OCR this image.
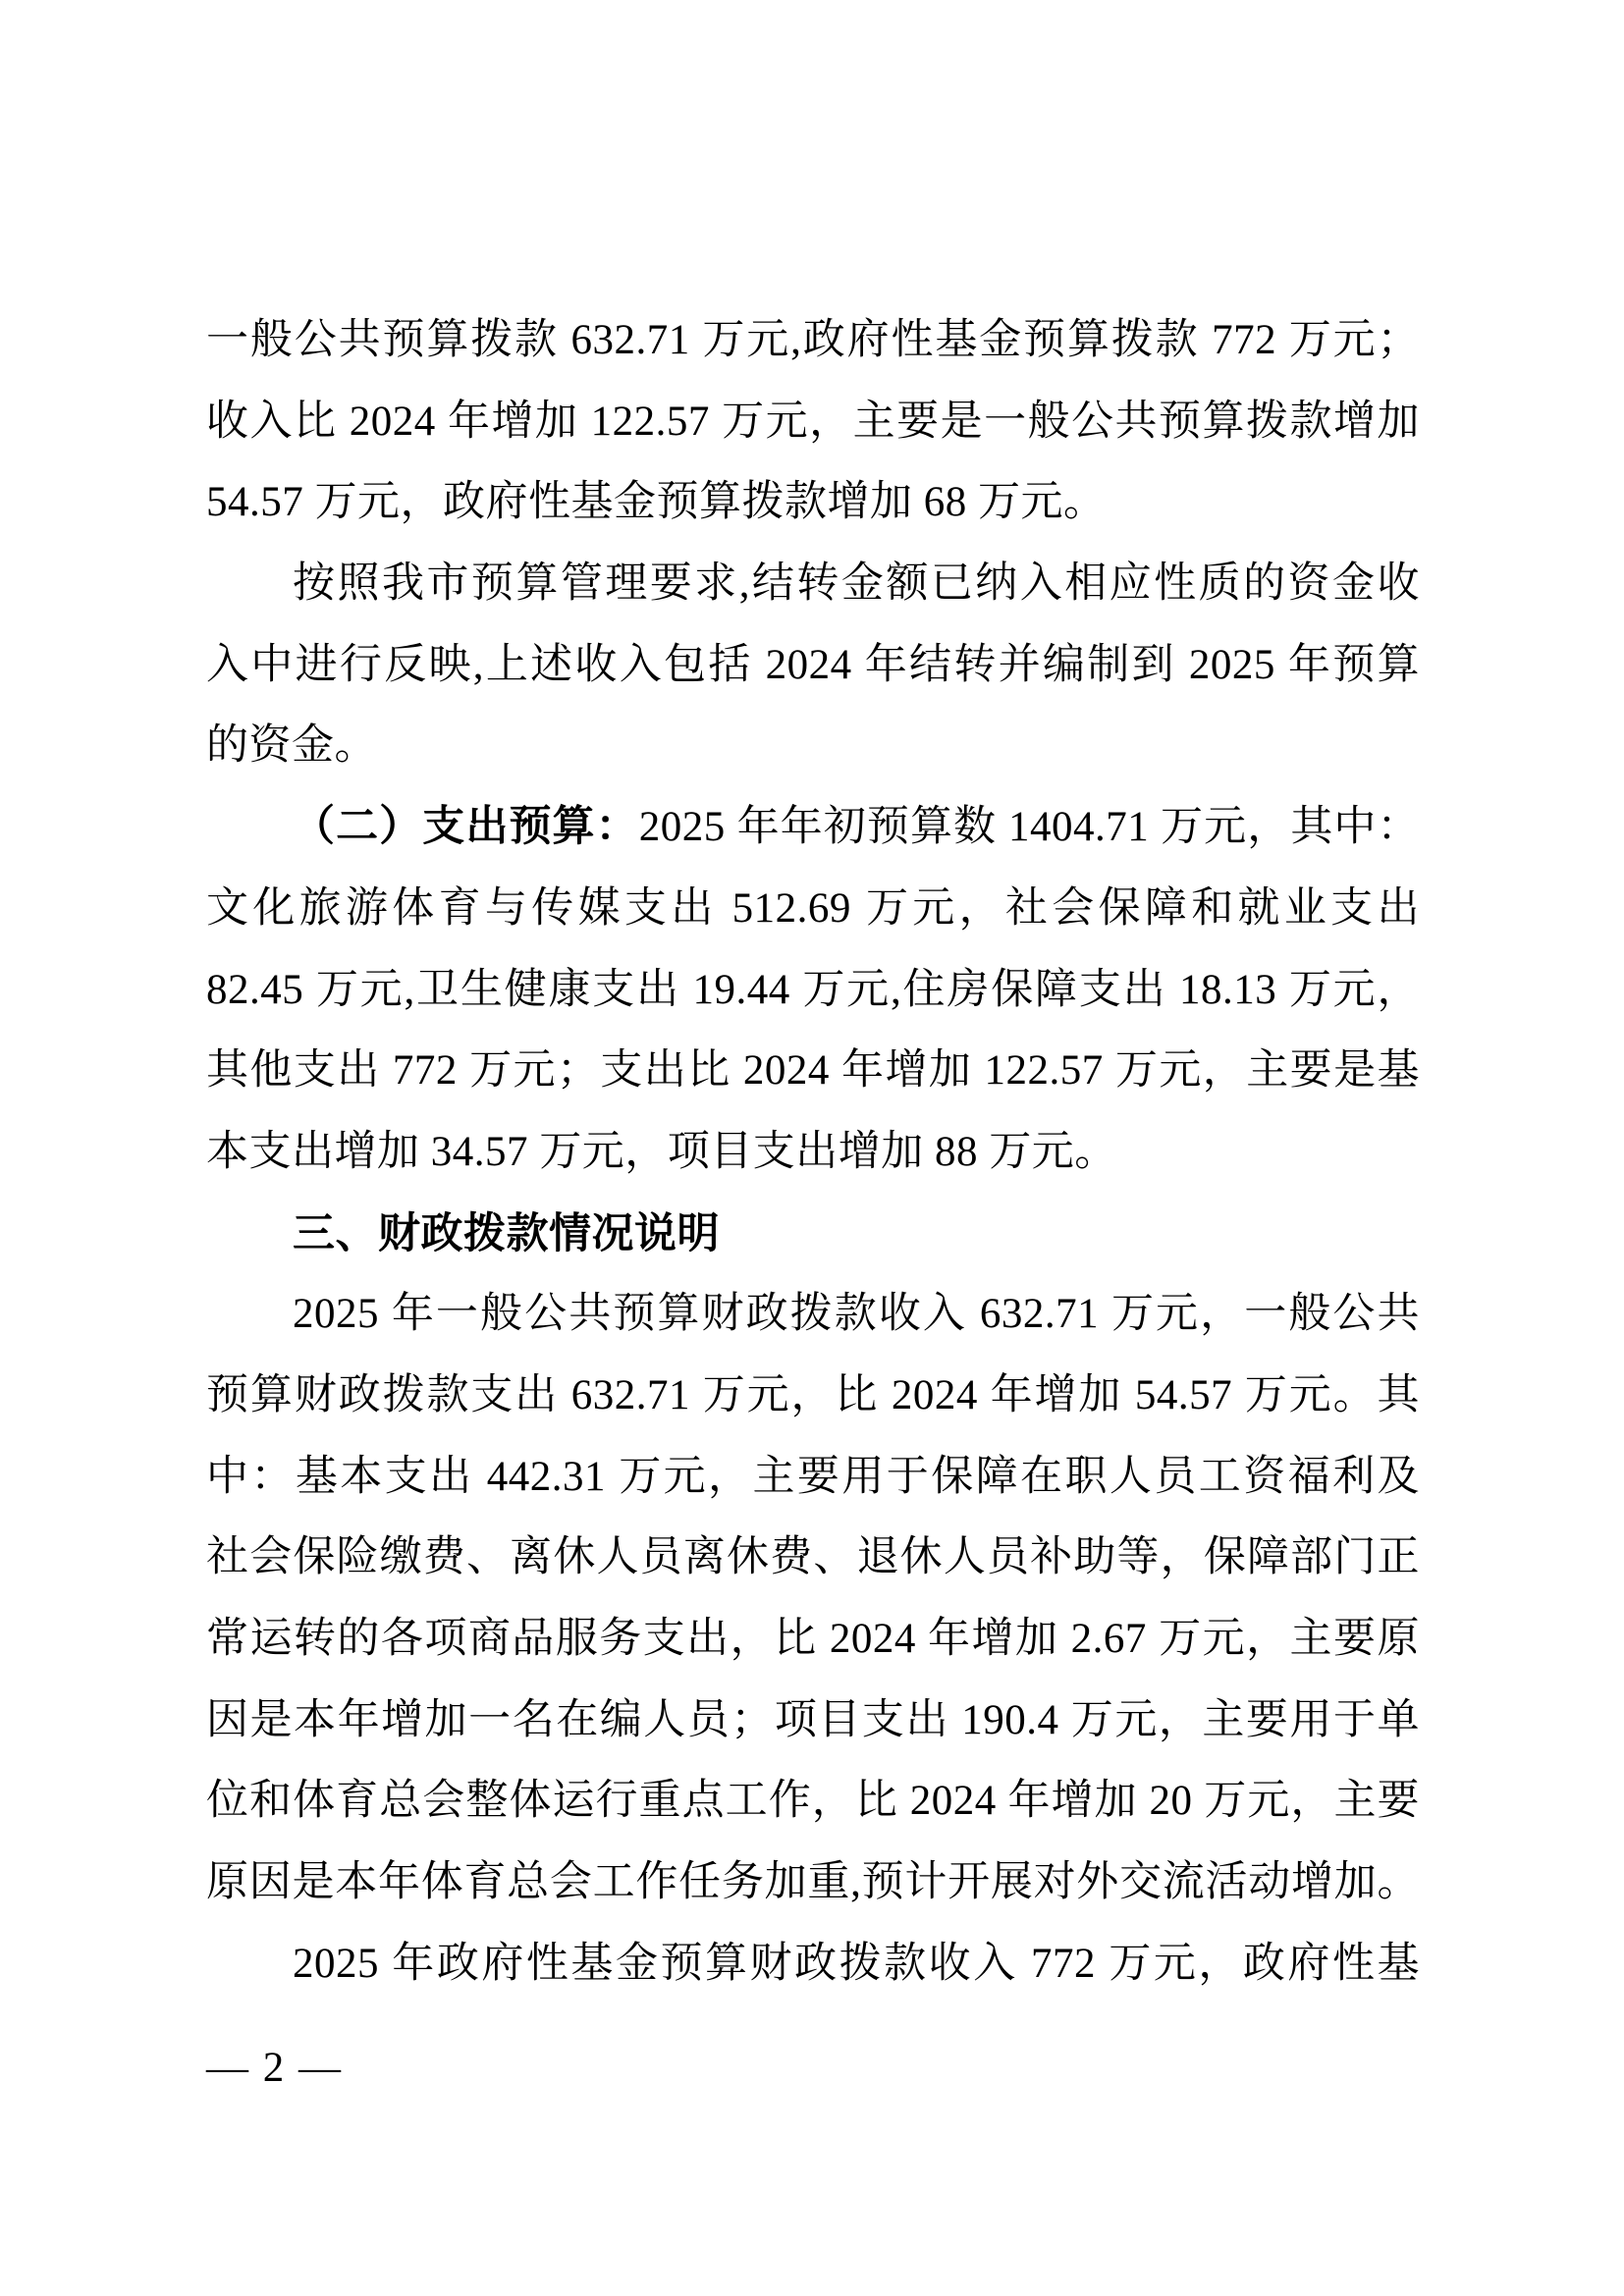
一般公共预算拨款 632.71 万元,政府性基金预算拨款 772 万元；
收入比 2024 年增加 122.57 万元，主要是一般公共预算拨款增加
54.57 万元，政府性基金预算拨款增加 68 万元。
按照我市预算管理要求,结转金额已纳入相应性质的资金收
入中进行反映,上述收入包括 2024 年结转并编制到 2025 年预算
的资金。
（二）支出预算：2025 年年初预算数 1404.71 万元，其中：
文化旅游体育与传媒支出 512.69 万元，社会保障和就业支出
82.45 万元,卫生健康支出 19.44 万元,住房保障支出 18.13 万元，
其他支出 772 万元；支出比 2024 年增加 122.57 万元，主要是基
本支出增加 34.57 万元，项目支出增加 88 万元。
三、财政拨款情况说明
2025 年一般公共预算财政拨款收入 632.71 万元，一般公共
预算财政拨款支出 632.71 万元，比 2024 年增加 54.57 万元。其
中：基本支出 442.31 万元，主要用于保障在职人员工资福利及
社会保险缴费、离休人员离休费、退休人员补助等，保障部门正
常运转的各项商品服务支出，比 2024 年增加 2.67 万元，主要原
因是本年增加一名在编人员；项目支出 190.4 万元，主要用于单
位和体育总会整体运行重点工作，比 2024 年增加 20 万元，主要
原因是本年体育总会工作任务加重,预计开展对外交流活动增加。
2025 年政府性基金预算财政拨款收入 772 万元，政府性基
— 2 —
